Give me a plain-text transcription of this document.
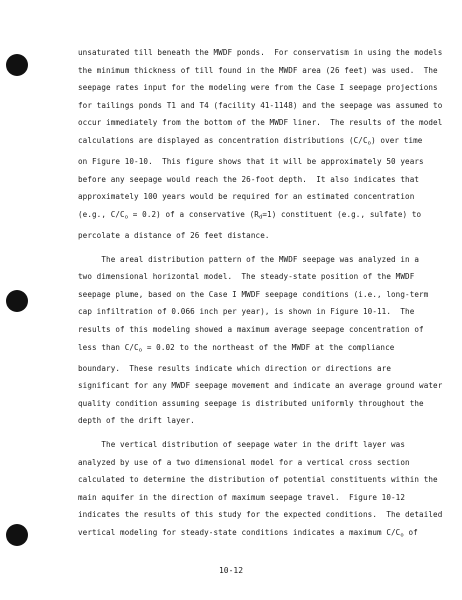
unsaturated till beneath the MWDF ponds.  For conservatism in using the models
the minimum thickness of till found in the MWDF area (26 feet) was used.  The
seepage rates input for the modeling were from the Case I seepage projections
for tailings ponds T1 and T4 (facility 41-1148) and the seepage was assumed to
occur immediately from the bottom of the MWDF liner.  The results of the model
calculations are displayed as concentration distributions $(C/C_o)$ over time
on Figure 10-10.  This figure shows that it will be approximately 50 years
before any seepage would reach the 26-foot depth.  It also indicates that
approximately 100 years would be required for an estimated concentration
(e.g., $C/C_o = 0.2$) of a conservative $(R_d=1)$ constituent (e.g., sulfate) to
percolate a distance of 26 feet distance.
The areal distribution pattern of the MWDF seepage was analyzed in a
two dimensional horizontal model.  The steady-state position of the MWDF
seepage plume, based on the Case I MWDF seepage conditions (i.e., long-term
cap infiltration of 0.066 inch per year), is shown in Figure 10-11.  The
results of this modeling showed a maximum average seepage concentration of
less than $C/C_o = 0.02$ to the northeast of the MWDF at the compliance
boundary.  These results indicate which direction or directions are
significant for any MWDF seepage movement and indicate an average ground water
quality condition assuming seepage is distributed uniformly throughout the
depth of the drift layer.
The vertical distribution of seepage water in the drift layer was
analyzed by use of a two dimensional model for a vertical cross section
calculated to determine the distribution of potential constituents within the
main aquifer in the direction of maximum seepage travel.  Figure 10-12
indicates the results of this study for the expected conditions.  The detailed
vertical modeling for steady-state conditions indicates a maximum $C/C_o$ of
10-12
